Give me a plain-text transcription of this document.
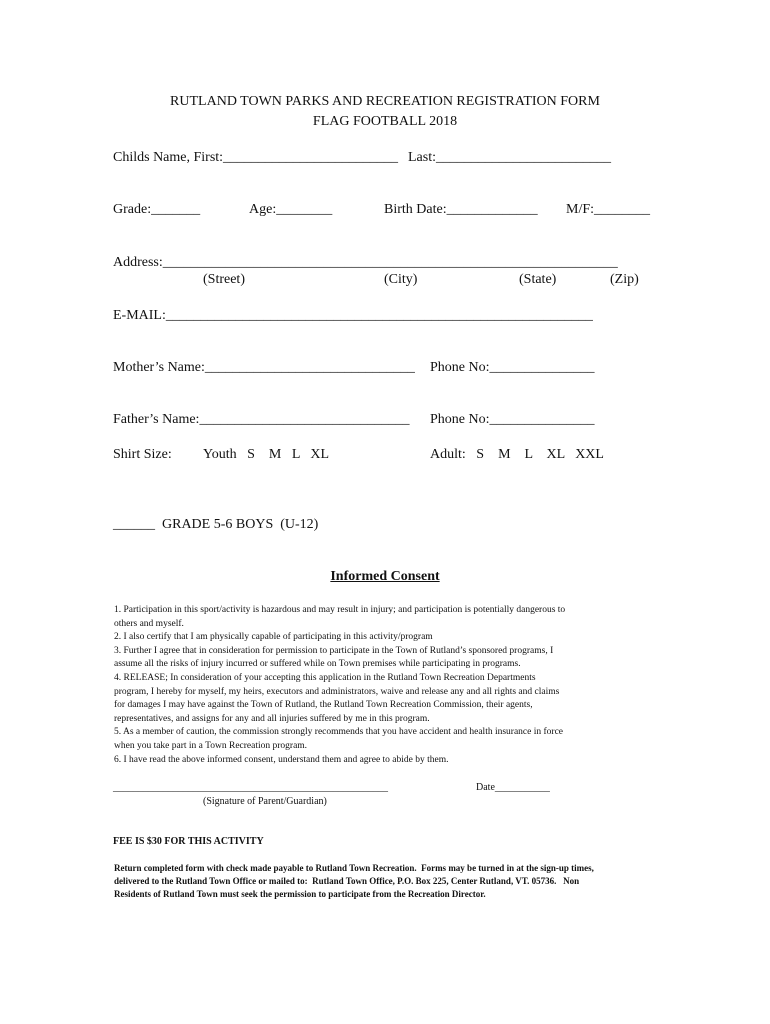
RUTLAND TOWN PARKS AND RECREATION REGISTRATION FORM
FLAG FOOTBALL 2018
Childs Name, First:_________________________ Last:_________________________
Grade:_______	Age:________	Birth Date:_____________ M/F:________
Address:_________________________________________________________________
(Street)	(City)	(State)	(Zip)
E-MAIL:_____________________________________________________________
Mother’s Name:______________________________ Phone No:_______________
Father’s Name:______________________________ Phone No:_______________
Shirt Size: Youth   S    M   L   XL	Adult:   S    M    L    XL   XXL
______  GRADE 5-6 BOYS  (U-12)
Informed Consent

1. Participation in this sport/activity is hazardous and may result in injury; and participation is potentially dangerous to

others and myself.

2. I also certify that I am physically capable of participating in this activity/program

3. Further I agree that in consideration for permission to participate in the Town of Rutland’s sponsored programs, I

assume all the risks of injury incurred or suffered while on Town premises while participating in programs.

4. RELEASE; In consideration of your accepting this application in the Rutland Town Recreation Departments

program, I hereby for myself, my heirs, executors and administrators, waive and release any and all rights and claims

for damages I may have against the Town of Rutland, the Rutland Town Recreation Commission, their agents,

representatives, and assigns for any and all injuries suffered by me in this program.

5. As a member of caution, the commission strongly recommends that you have accident and health insurance in force

when you take part in a Town Recreation program.

6. I have read the above informed consent, understand them and agree to abide by them.

_______________________________________________________	Date___________
(Signature of Parent/Guardian)
FEE IS $30 FOR THIS ACTIVITY

Return completed form with check made payable to Rutland Town Recreation.  Forms may be turned in at the sign-up times,

delivered to the Rutland Town Office or mailed to:  Rutland Town Office, P.O. Box 225, Center Rutland, VT. 05736.   Non

Residents of Rutland Town must seek the permission to participate from the Recreation Director.
